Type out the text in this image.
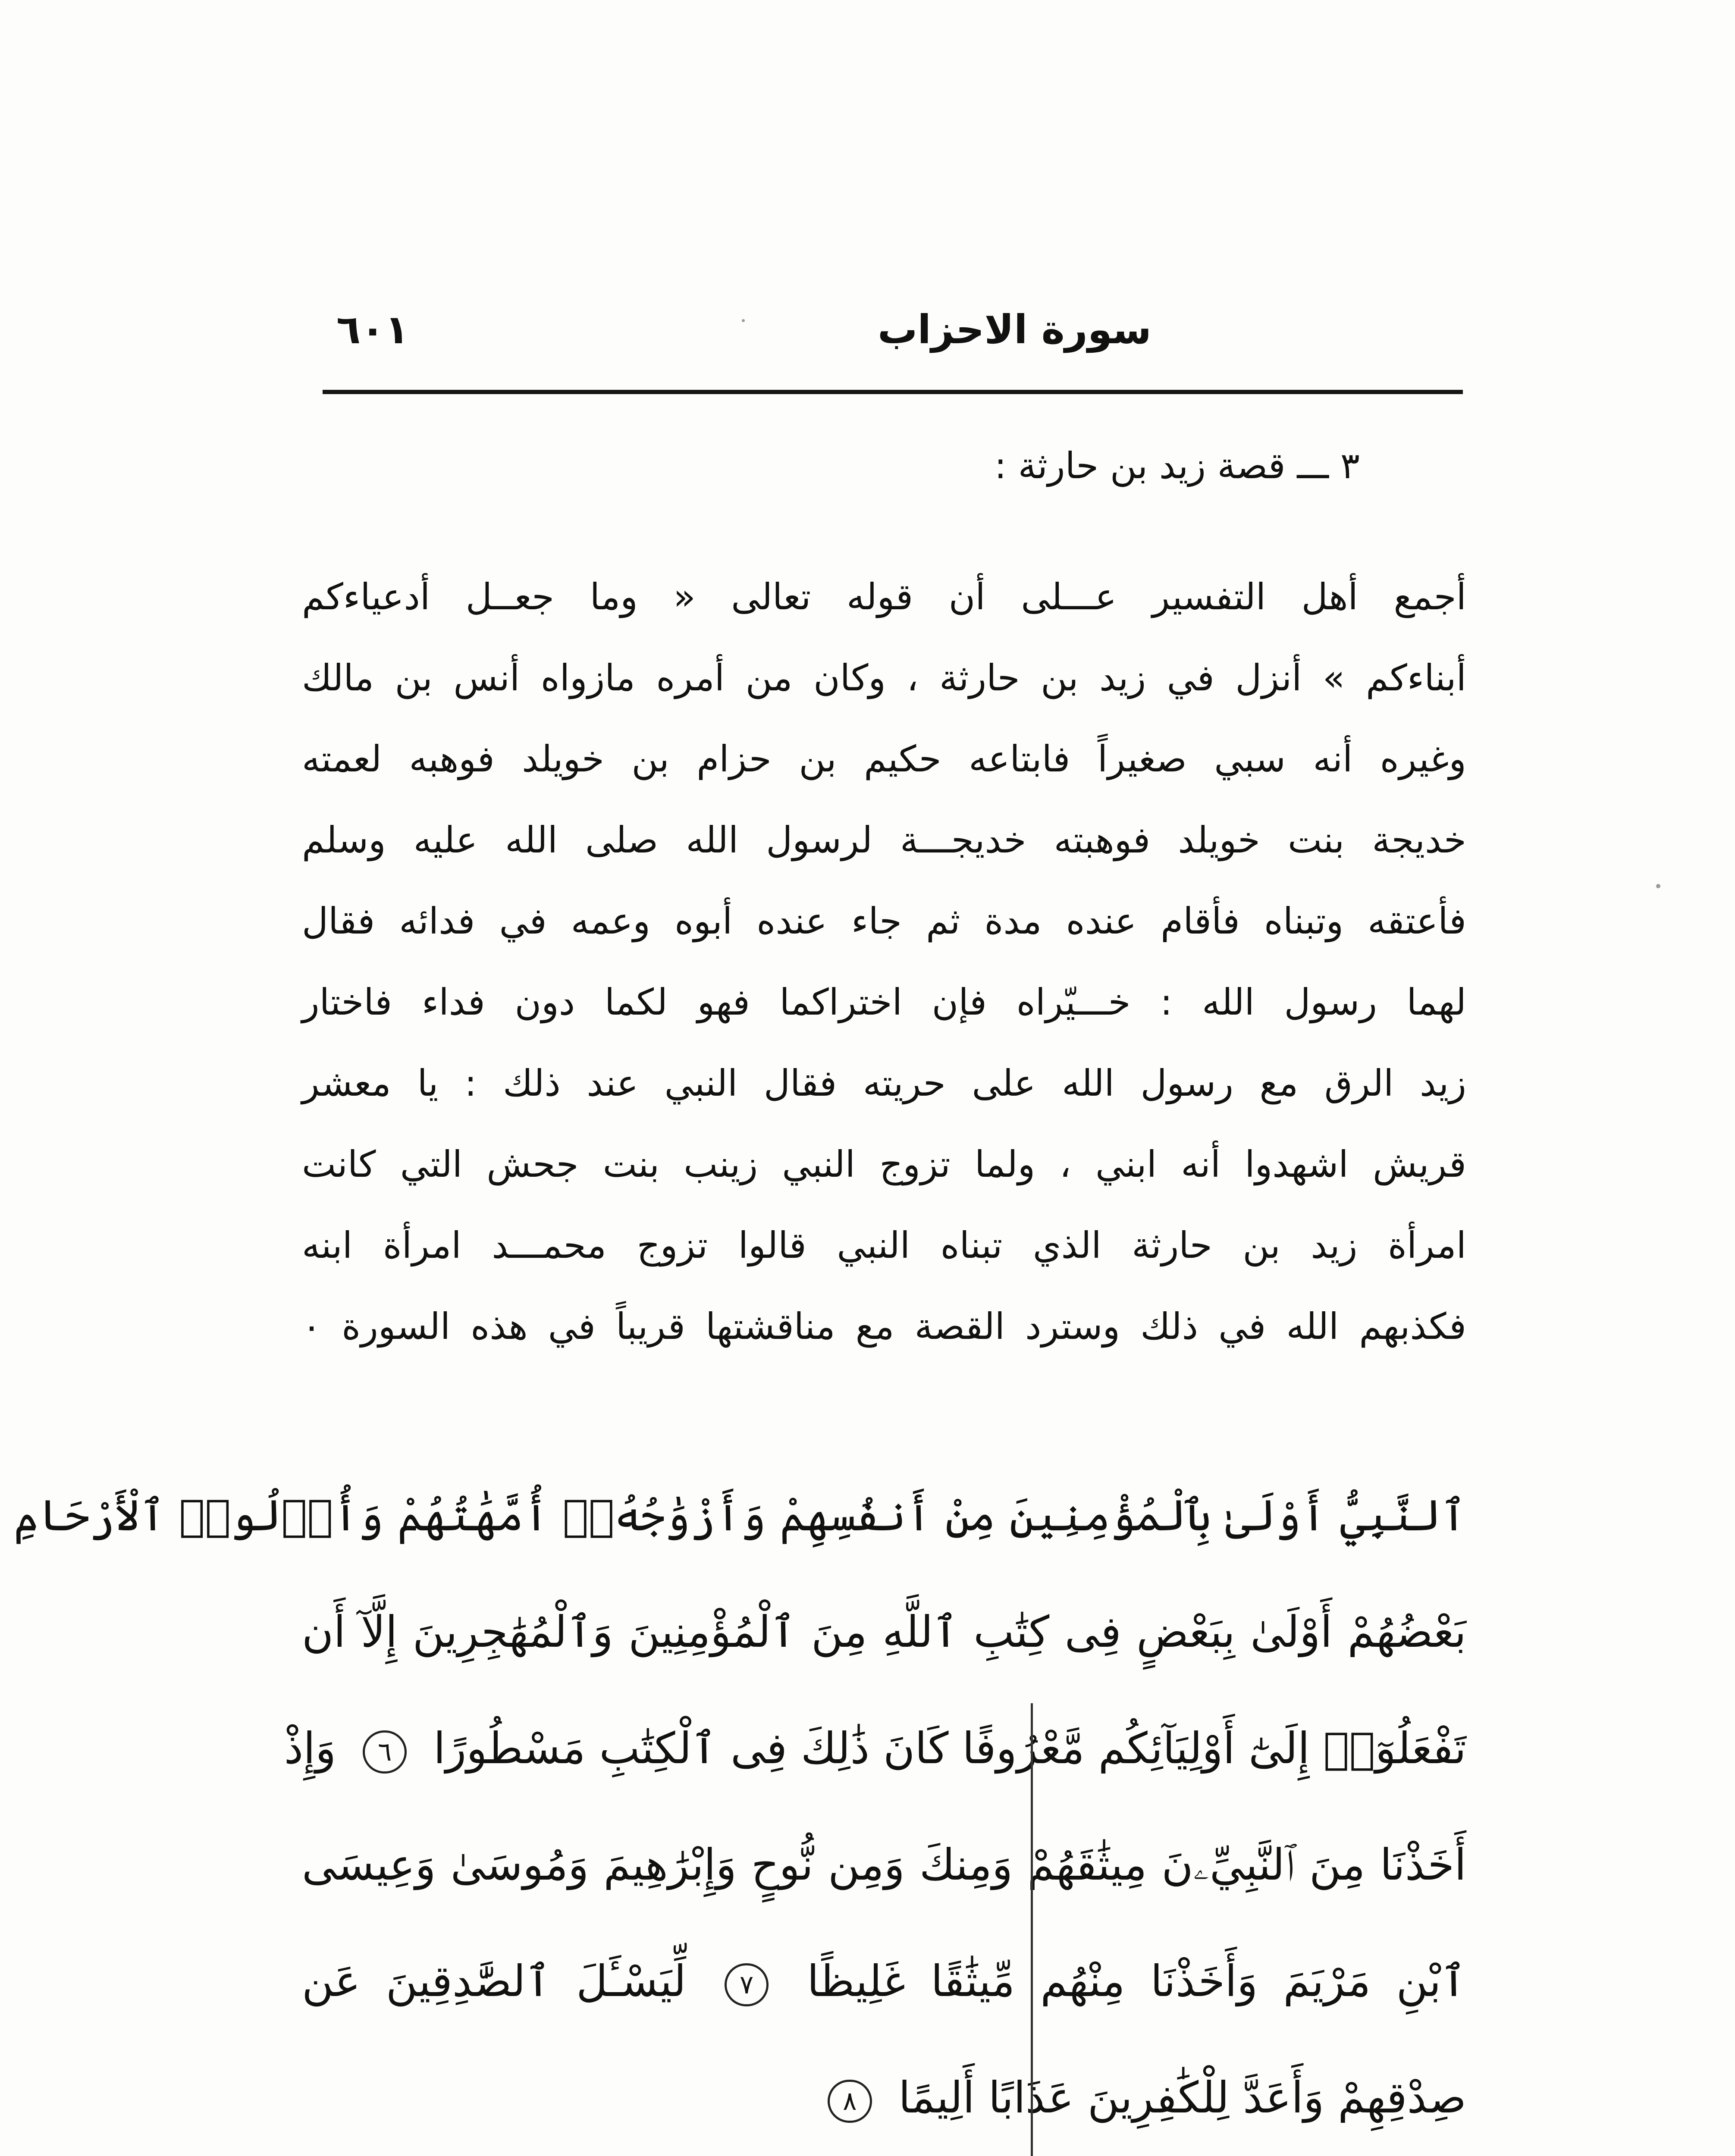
سورة الاحزاب
٦٠١
٣ ـــ قصة زيد بن حارثة :
أجمع أهل التفسير عـــلى أن قوله تعالى « وما جعــل أدعياءكم
أبناءكم » أنزل في زيد بن حارثة ، وكان من أمره مازواه أنس بن مالك
وغيره أنه سبي صغيراً فابتاعه حكيم بن حزام بن خويلد فوهبه لعمته
خديجة بنت خويلد فوهبته خديجـــة لرسول الله صلى الله عليه وسلم
فأعتقه وتبناه فأقام عنده مدة ثم جاء عنده أبوه وعمه في فدائه فقال
لهما رسول الله : خـــيّراه فإن اختراكما فهو لكما دون فداء فاختار
زيد الرق مع رسول الله على حريته فقال النبي عند ذلك : يا معشر
قريش اشهدوا أنه ابني ، ولما تزوج النبي زينب بنت جحش التي كانت
امرأة زيد بن حارثة الذي تبناه النبي قالوا تزوج محمـــد امرأة ابنه
فكذبهم الله في ذلك وسترد القصة مع مناقشتها قريباً في هذه السورة ٠
ٱلنَّبِيُّ أَوْلَىٰ بِٱلْمُؤْمِنِينَ مِنْ أَنفُسِهِمْ وَأَزْوَٰجُهُۥٓ أُمَّهَٰتُهُمْ وَأُو۟لُوا۟ ٱلْأَرْحَامِ
بَعْضُهُمْ أَوْلَىٰ بِبَعْضٍ فِى كِتَٰبِ ٱللَّهِ مِنَ ٱلْمُؤْمِنِينَ وَٱلْمُهَٰجِرِينَ إِلَّآ أَن
تَفْعَلُوٓا۟ إِلَىٰٓ أَوْلِيَآئِكُم مَّعْرُوفًا كَانَ ذَٰلِكَ فِى ٱلْكِتَٰبِ مَسْطُورًا ٦ وَإِذْ
أَخَذْنَا مِنَ ٱلنَّبِيِّۦنَ مِيثَٰقَهُمْ وَمِنكَ وَمِن نُّوحٍ وَإِبْرَٰهِيمَ وَمُوسَىٰ وَعِيسَى
ٱبْنِ مَرْيَمَ وَأَخَذْنَا مِنْهُم مِّيثَٰقًا غَلِيظًا ٧ لِّيَسْـَٔلَ ٱلصَّٰدِقِينَ عَن
صِدْقِهِمْ وَأَعَدَّ لِلْكَٰفِرِينَ عَذَابًا أَلِيمًا ٨
